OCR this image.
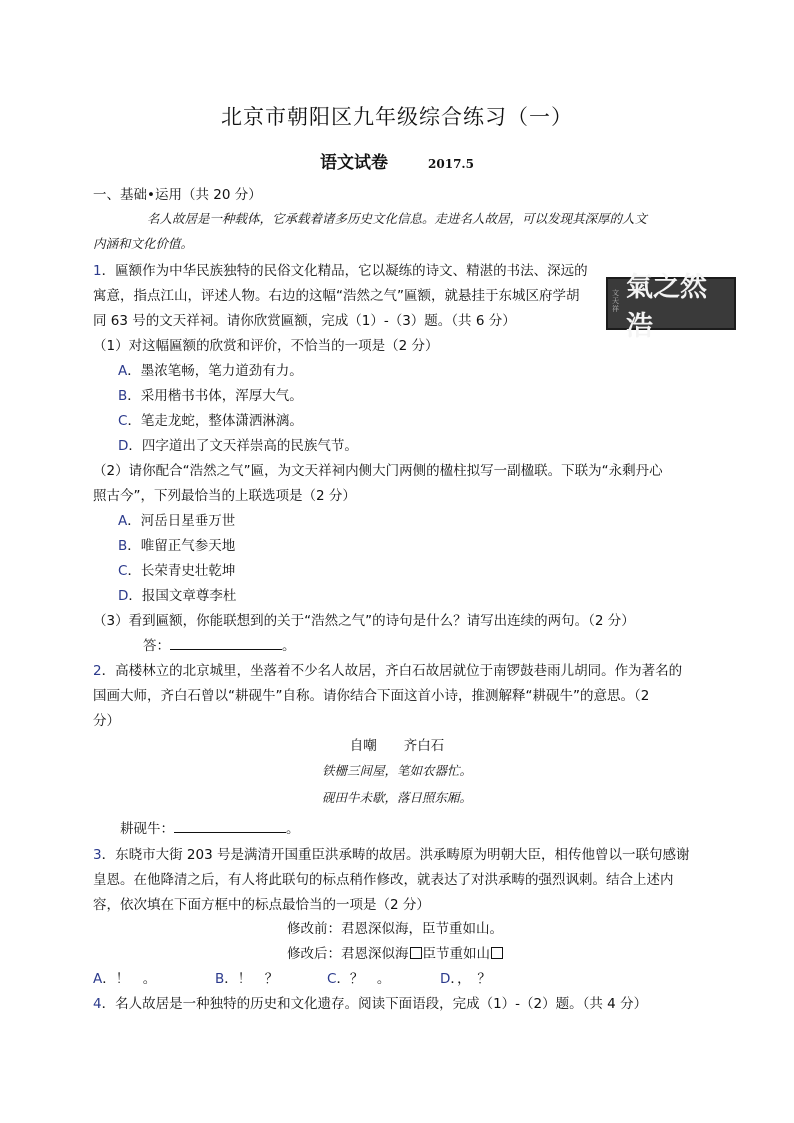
北京市朝阳区九年级综合练习（一）
语文试卷	2017.5
一、基础•运用（共 20 分）
名人故居是一种载体，它承载着诸多历史文化信息。走进名人故居，可以发现其深厚的人文
内涵和文化价值。
1．匾额作为中华民族独特的民俗文化精品，它以凝练的诗文、精湛的书法、深远的
寓意，指点江山，评述人物。右边的这幅“浩然之气”匾额，就悬挂于东城区府学胡
同 63 号的文天祥祠。请你欣赏匾额，完成（1）-（3）题。（共 6 分）
文天祥
氣之然浩
（1）对这幅匾额的欣赏和评价，不恰当的一项是（2 分）
A．墨浓笔畅，笔力道劲有力。
B．采用楷书书体，浑厚大气。
C．笔走龙蛇，整体潇洒淋漓。
D．四字道出了文天祥崇高的民族气节。
（2）请你配合“浩然之气”匾，为文天祥祠内侧大门两侧的楹柱拟写一副楹联。下联为“永剩丹心
照古今”，下列最恰当的上联选项是（2 分）
A．河岳日星垂万世
B．唯留正气参天地
C．长荣青史壮乾坤
D．报国文章尊李杜
（3）看到匾额，你能联想到的关于“浩然之气”的诗句是什么？请写出连续的两句。（2 分）
答：	。
2．高楼林立的北京城里，坐落着不少名人故居，齐白石故居就位于南锣鼓巷雨儿胡同。作为著名的
国画大师，齐白石曾以“耕砚牛”自称。请你结合下面这首小诗，推测解释“耕砚牛”的意思。（2
分）
自嘲　　齐白石
铁栅三间屋，笔如农器忙。
砚田牛未歇，落日照东厢。
耕砚牛：	。
3．东晓市大街 203 号是满清开国重臣洪承畴的故居。洪承畴原为明朝大臣，相传他曾以一联句感谢
皇恩。在他降清之后，有人将此联句的标点稍作修改，就表达了对洪承畴的强烈讽刺。结合上述内
容，依次填在下面方框中的标点最恰当的一项是（2 分）
修改前：君恩深似海，臣节重如山。
修改后：君恩深似海 臣节重如山
A．！　。	B．！　？	C．？　。	D．，　？
4．名人故居是一种独特的历史和文化遗存。阅读下面语段，完成（1）-（2）题。（共 4 分）
